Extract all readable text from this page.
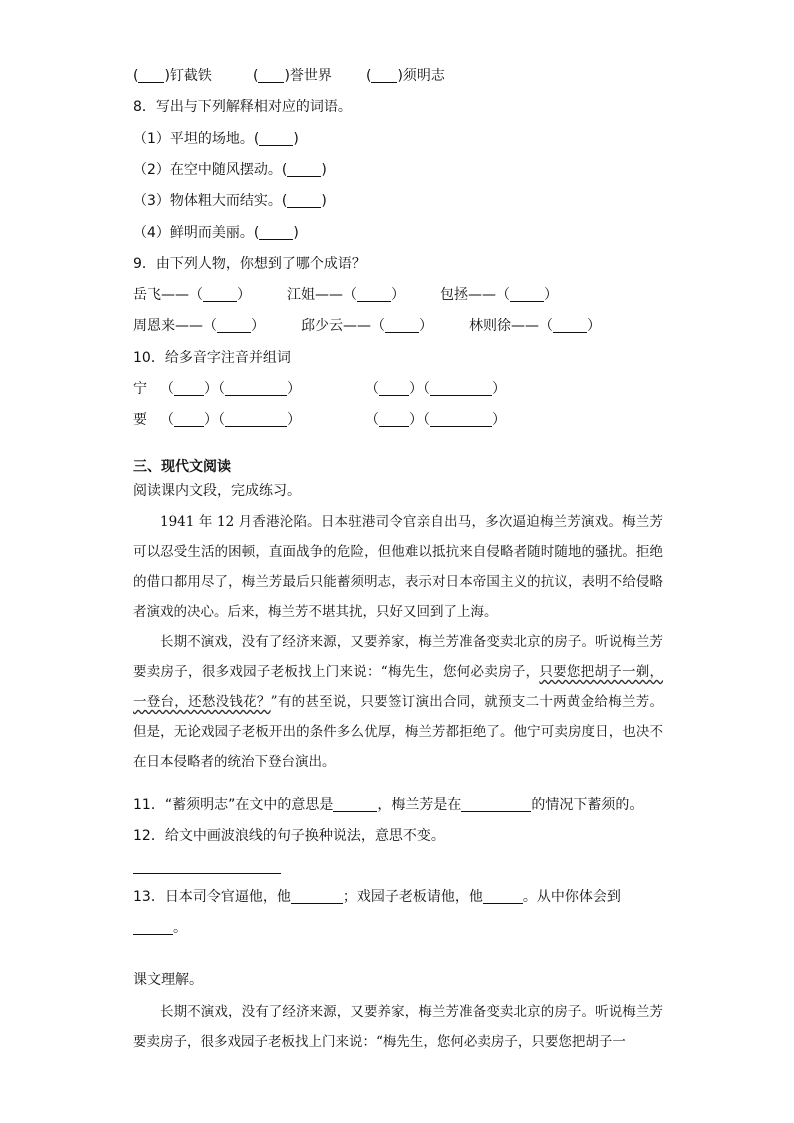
( )钉截铁	( )誉世界 ( )须明志
8．写出与下列解释相对应的词语。
（1）平坦的场地。( )
（2）在空中随风摆动。( )
（3）物体粗大而结实。( )
（4）鲜明而美丽。( )
9．由下列人物，你想到了哪个成语？
岳飞——（ ）	江姐——（ ）	包拯——（ ）
周恩来——（ ）	邱少云——（ ）	林则徐——（ ）
10．给多音字注音并组词
宁 （ ）（	）	（ ）（	）
要 （ ）（	）	（ ）（	）
三、现代文阅读
阅读课内文段，完成练习。

1941 年 12 月香港沦陷。日本驻港司令官亲自出马，多次逼迫梅兰芳演戏。梅兰芳可以忍受生活的困顿，直面战争的危险，但他难以抵抗来自侵略者随时随地的骚扰。拒绝的借口都用尽了，梅兰芳最后只能蓄须明志，表示对日本帝国主义的抗议，表明不给侵略者演戏的决心。后来，梅兰芳不堪其扰，只好又回到了上海。

长期不演戏，没有了经济来源，又要养家，梅兰芳准备变卖北京的房子。听说梅兰芳要卖房子，很多戏园子老板找上门来说：“梅先生，您何必卖房子，只要您把胡子一剃，一登台，还愁没钱花？”有的甚至说，只要签订演出合同，就预支二十两黄金给梅兰芳。但是，无论戏园子老板开出的条件多么优厚，梅兰芳都拒绝了。他宁可卖房度日，也决不在日本侵略者的统治下登台演出。

11．“蓄须明志”在文中的意思是	，梅兰芳是在	的情况下蓄须的。
12．给文中画波浪线的句子换种说法，意思不变。
13．日本司令官逼他，他	；戏园子老板请他，他	。从中你体会到
。
课文理解。

长期不演戏，没有了经济来源，又要养家，梅兰芳准备变卖北京的房子。听说梅兰芳要卖房子，很多戏园子老板找上门来说：“梅先生，您何必卖房子，只要您把胡子一
